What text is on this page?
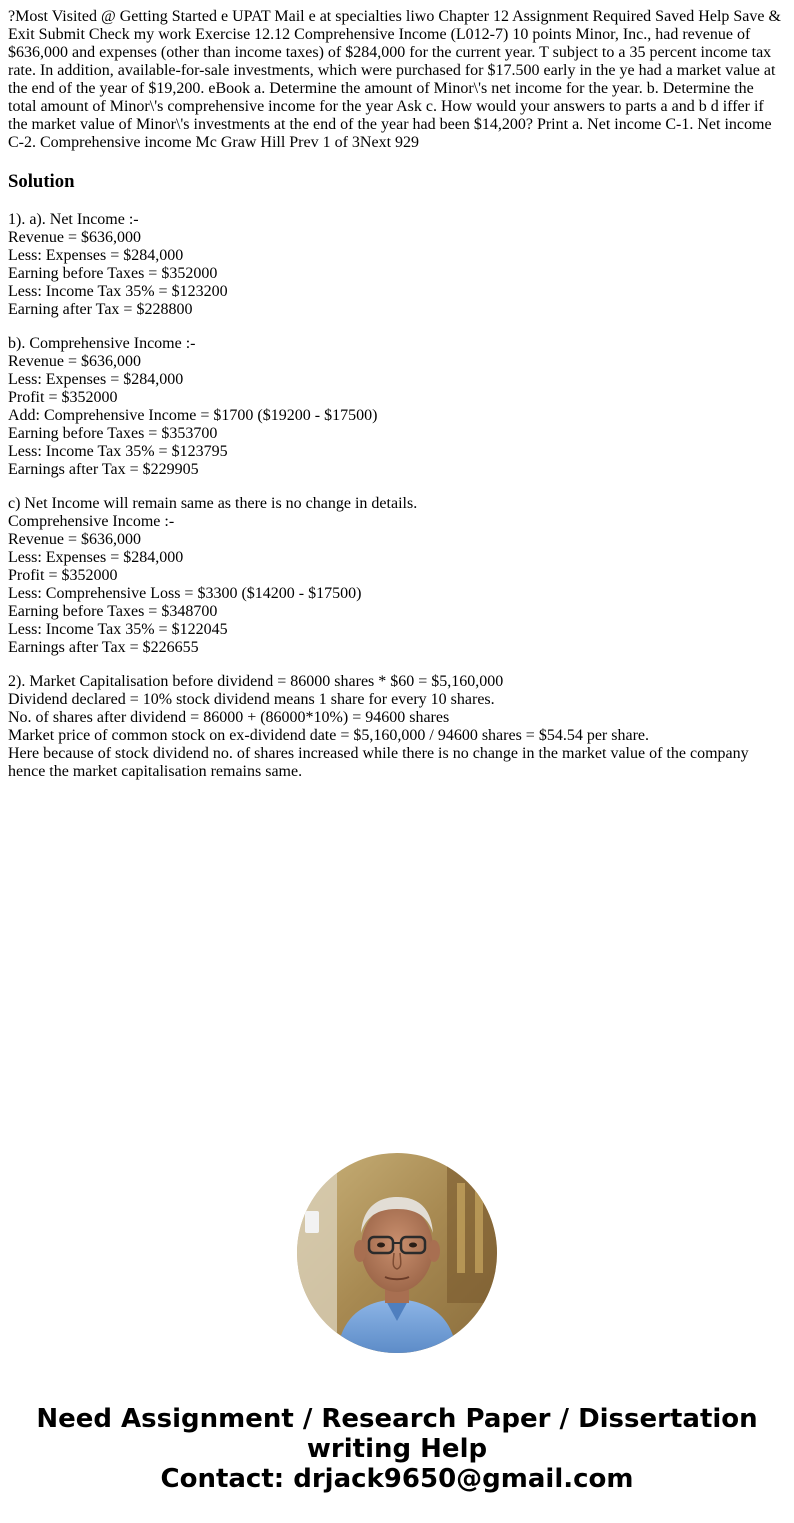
?Most Visited @ Getting Started e UPAT Mail e at specialties liwo Chapter 12 Assignment Required Saved Help Save & Exit Submit Check my work Exercise 12.12 Comprehensive Income (L012-7) 10 points Minor, Inc., had revenue of $636,000 and expenses (other than income taxes) of $284,000 for the current year. T subject to a 35 percent income tax rate. In addition, available-for-sale investments, which were purchased for $17.500 early in the ye had a market value at the end of the year of $19,200. eBook a. Determine the amount of Minor\'s net income for the year. b. Determine the total amount of Minor\'s comprehensive income for the year Ask c. How would your answers to parts a and b d iffer if the market value of Minor\'s investments at the end of the year had been $14,200? Print a. Net income C-1. Net income C-2. Comprehensive income Mc Graw Hill Prev 1 of 3Next 929

Solution
1). a). Net Income :-
Revenue = $636,000
Less: Expenses = $284,000
Earning before Taxes = $352000
Less: Income Tax 35% = $123200
Earning after Tax = $228800
b). Comprehensive Income :-
Revenue = $636,000
Less: Expenses = $284,000
Profit = $352000
Add: Comprehensive Income = $1700 ($19200 - $17500)
Earning before Taxes = $353700
Less: Income Tax 35% = $123795
Earnings after Tax = $229905
c) Net Income will remain same as there is no change in details.
Comprehensive Income :-
Revenue = $636,000
Less: Expenses = $284,000
Profit = $352000
Less: Comprehensive Loss = $3300 ($14200 - $17500)
Earning before Taxes = $348700
Less: Income Tax 35% = $122045
Earnings after Tax = $226655
2). Market Capitalisation before dividend = 86000 shares * $60 = $5,160,000
Dividend declared = 10% stock dividend means 1 share for every 10 shares.
No. of shares after dividend = 86000 + (86000*10%) = 94600 shares
Market price of common stock on ex-dividend date = $5,160,000 / 94600 shares = $54.54 per share.
Here because of stock dividend no. of shares increased while there is no change in the market value of the company hence the market capitalisation remains same.
Need Assignment / Research Paper / Dissertation writing Help
Contact: drjack9650@gmail.com
